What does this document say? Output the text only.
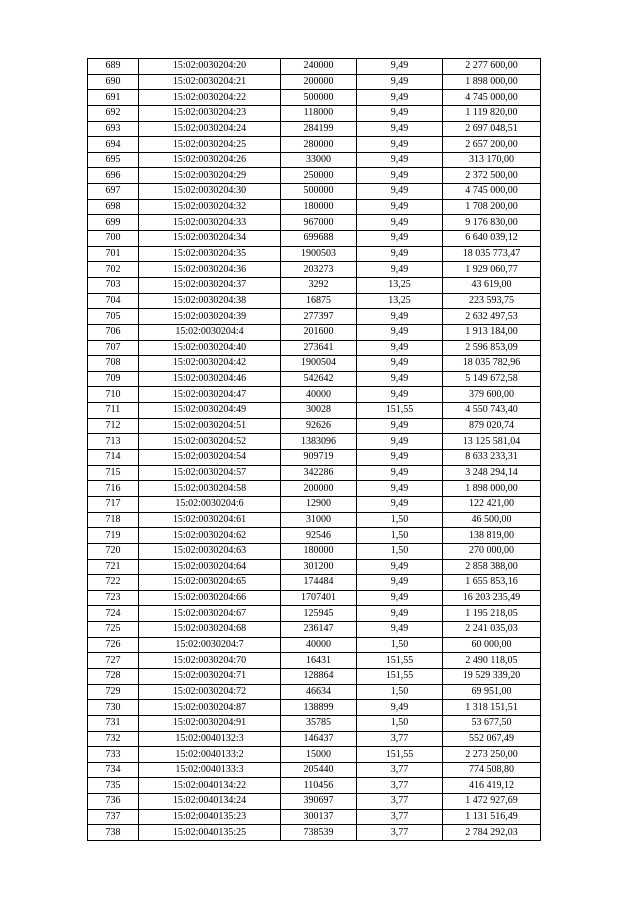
689	15:02:0030204:20	240000	9,49	2 277 600,00
690	15:02:0030204:21	200000	9,49	1 898 000,00
691	15:02:0030204:22	500000	9,49	4 745 000,00
692	15:02:0030204:23	118000	9,49	1 119 820,00
693	15:02:0030204:24	284199	9,49	2 697 048,51
694	15:02:0030204:25	280000	9,49	2 657 200,00
695	15:02:0030204:26	33000	9,49	313 170,00
696	15:02:0030204:29	250000	9,49	2 372 500,00
697	15:02:0030204:30	500000	9,49	4 745 000,00
698	15:02:0030204:32	180000	9,49	1 708 200,00
699	15:02:0030204:33	967000	9,49	9 176 830,00
700	15:02:0030204:34	699688	9,49	6 640 039,12
701	15:02:0030204:35	1900503	9,49	18 035 773,47
702	15:02:0030204:36	203273	9,49	1 929 060,77
703	15:02:0030204:37	3292	13,25	43 619,00
704	15:02:0030204:38	16875	13,25	223 593,75
705	15:02:0030204:39	277397	9,49	2 632 497,53
706	15:02:0030204:4	201600	9,49	1 913 184,00
707	15:02:0030204:40	273641	9,49	2 596 853,09
708	15:02:0030204:42	1900504	9,49	18 035 782,96
709	15:02:0030204:46	542642	9,49	5 149 672,58
710	15:02:0030204:47	40000	9,49	379 600,00
711	15:02:0030204:49	30028	151,55	4 550 743,40
712	15:02:0030204:51	92626	9,49	879 020,74
713	15:02:0030204:52	1383096	9,49	13 125 581,04
714	15:02:0030204:54	909719	9,49	8 633 233,31
715	15:02:0030204:57	342286	9,49	3 248 294,14
716	15:02:0030204:58	200000	9,49	1 898 000,00
717	15:02:0030204:6	12900	9,49	122 421,00
718	15:02:0030204:61	31000	1,50	46 500,00
719	15:02:0030204:62	92546	1,50	138 819,00
720	15:02:0030204:63	180000	1,50	270 000,00
721	15:02:0030204:64	301200	9,49	2 858 388,00
722	15:02:0030204:65	174484	9,49	1 655 853,16
723	15:02:0030204:66	1707401	9,49	16 203 235,49
724	15:02:0030204:67	125945	9,49	1 195 218,05
725	15:02:0030204:68	236147	9,49	2 241 035,03
726	15:02:0030204:7	40000	1,50	60 000,00
727	15:02:0030204:70	16431	151,55	2 490 118,05
728	15:02:0030204:71	128864	151,55	19 529 339,20
729	15:02:0030204:72	46634	1,50	69 951,00
730	15:02:0030204:87	138899	9,49	1 318 151,51
731	15:02:0030204:91	35785	1,50	53 677,50
732	15:02:0040132:3	146437	3,77	552 067,49
733	15:02:0040133:2	15000	151,55	2 273 250,00
734	15:02:0040133:3	205440	3,77	774 508,80
735	15:02:0040134:22	110456	3,77	416 419,12
736	15:02:0040134:24	390697	3,77	1 472 927,69
737	15:02:0040135:23	300137	3,77	1 131 516,49
738	15:02:0040135:25	738539	3,77	2 784 292,03
